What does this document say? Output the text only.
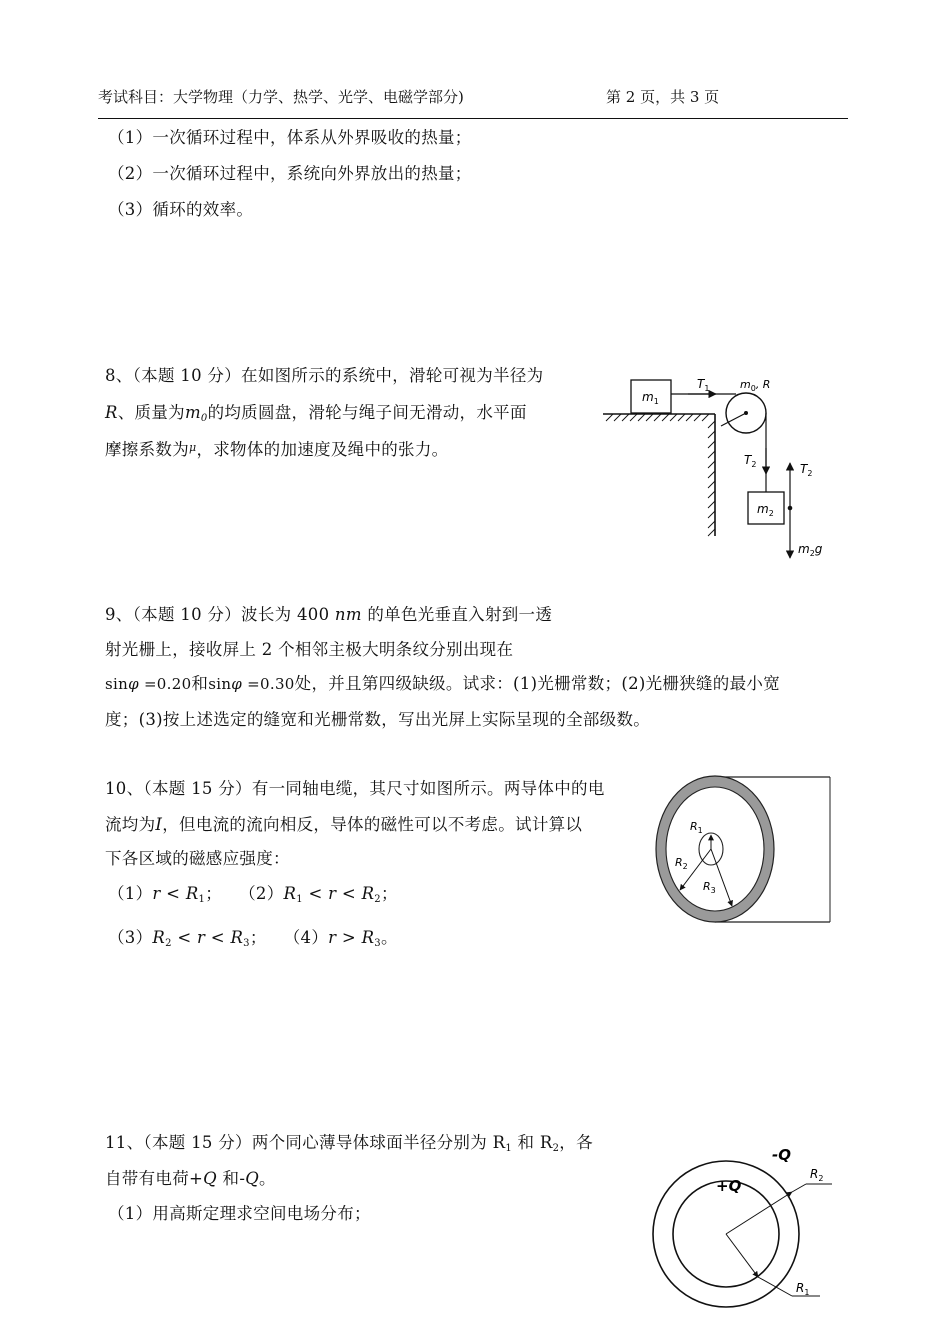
考试科目：大学物理（力学、热学、光学、电磁学部分)	第 2 页，共 3 页
（1）一次循环过程中，体系从外界吸收的热量；
（2）一次循环过程中，系统向外界放出的热量；
（3）循环的效率。
8、（本题 10 分）在如图所示的系统中，滑轮可视为半径为
R、质量为$m_0$的均质圆盘，滑轮与绳子间无滑动，水平面
摩擦系数为$^\mu$，求物体的加速度及绳中的张力。
$m_1$
$T_1$	$m_0$, R
$T_2$
$m_2$
$T_2$
$m_2g$
9、（本题 10 分）波长为 400 nm 的单色光垂直入射到一透
射光栅上，接收屏上 2 个相邻主极大明条纹分别出现在
sinφ =0.20和sinφ =0.30处，并且第四级缺级。试求：(1)光栅常数；(2)光栅狭缝的最小宽
度；(3)按上述选定的缝宽和光栅常数，写出光屏上实际呈现的全部级数。
10、（本题 15 分）有一同轴电缆，其尺寸如图所示。两导体中的电
流均为I，但电流的流向相反，导体的磁性可以不考虑。试计算以
下各区域的磁感应强度：
$(1)r < R_1$； $(2)R_1 < r < R_2$；
$(3)R_2 < r < R_3$； $(4)r > R_3$。
$R_1$
$R_2$
$R_3$
11、（本题 15 分）两个同心薄导体球面半径分别为 $R_1$ 和 $R_2$，各
自带有电荷+Q 和-Q。
（1）用高斯定理求空间电场分布；
-Q
+Q
$R_2$
$R_1$
